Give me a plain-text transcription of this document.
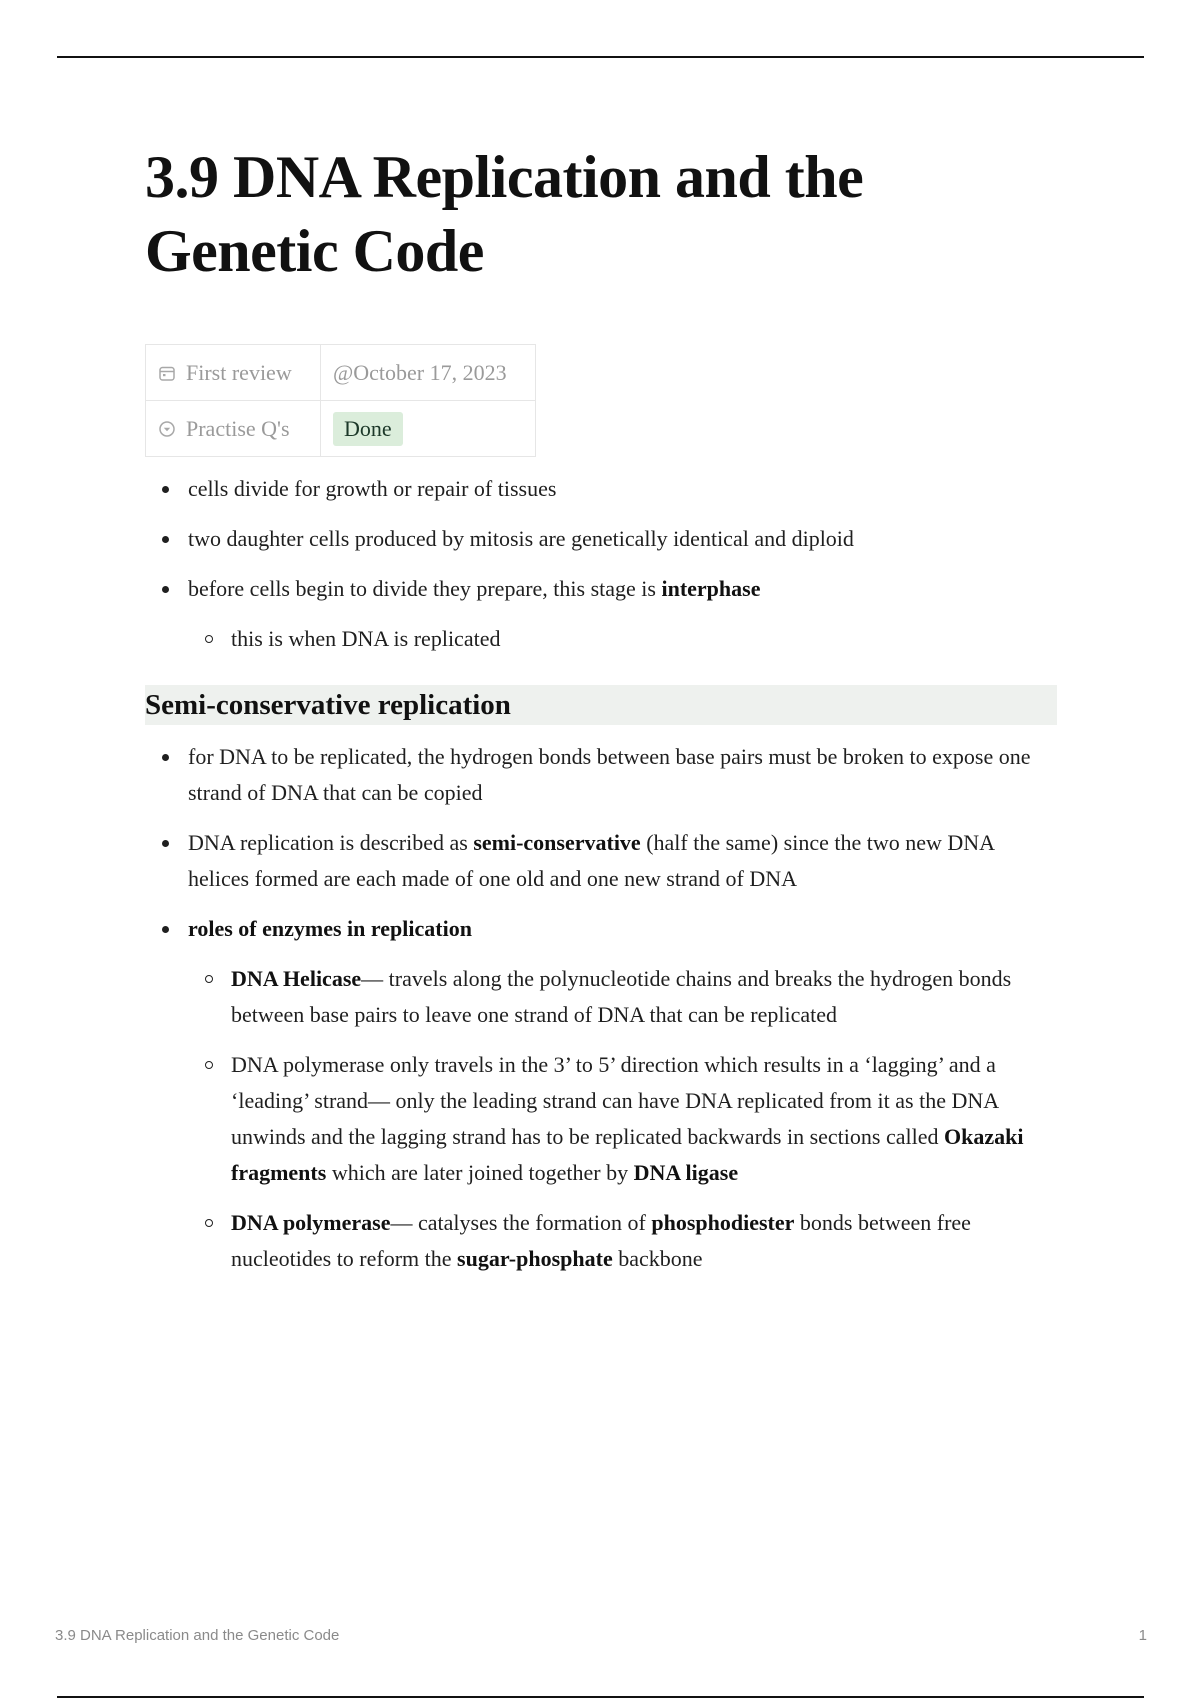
3.9 DNA Replication and the Genetic Code
First review	@October 17, 2023
Practise Q's	Done
cells divide for growth or repair of tissues
two daughter cells produced by mitosis are genetically identical and diploid
before cells begin to divide they prepare, this stage is interphase
this is when DNA is replicated
Semi-conservative replication
for DNA to be replicated, the hydrogen bonds between base pairs must be broken to expose one strand of DNA that can be copied
DNA replication is described as semi-conservative (half the same) since the two new DNA helices formed are each made of one old and one new strand of DNA
roles of enzymes in replication
DNA Helicase— travels along the polynucleotide chains and breaks the hydrogen bonds between base pairs to leave one strand of DNA that can be replicated
DNA polymerase only travels in the 3’ to 5’ direction which results in a ‘lagging’ and a ‘leading’ strand— only the leading strand can have DNA replicated from it as the DNA unwinds and the lagging strand has to be replicated backwards in sections called Okazaki fragments which are later joined together by DNA ligase
DNA polymerase— catalyses the formation of phosphodiester bonds between free nucleotides to reform the sugar-phosphate backbone
3.9 DNA Replication and the Genetic Code	1
